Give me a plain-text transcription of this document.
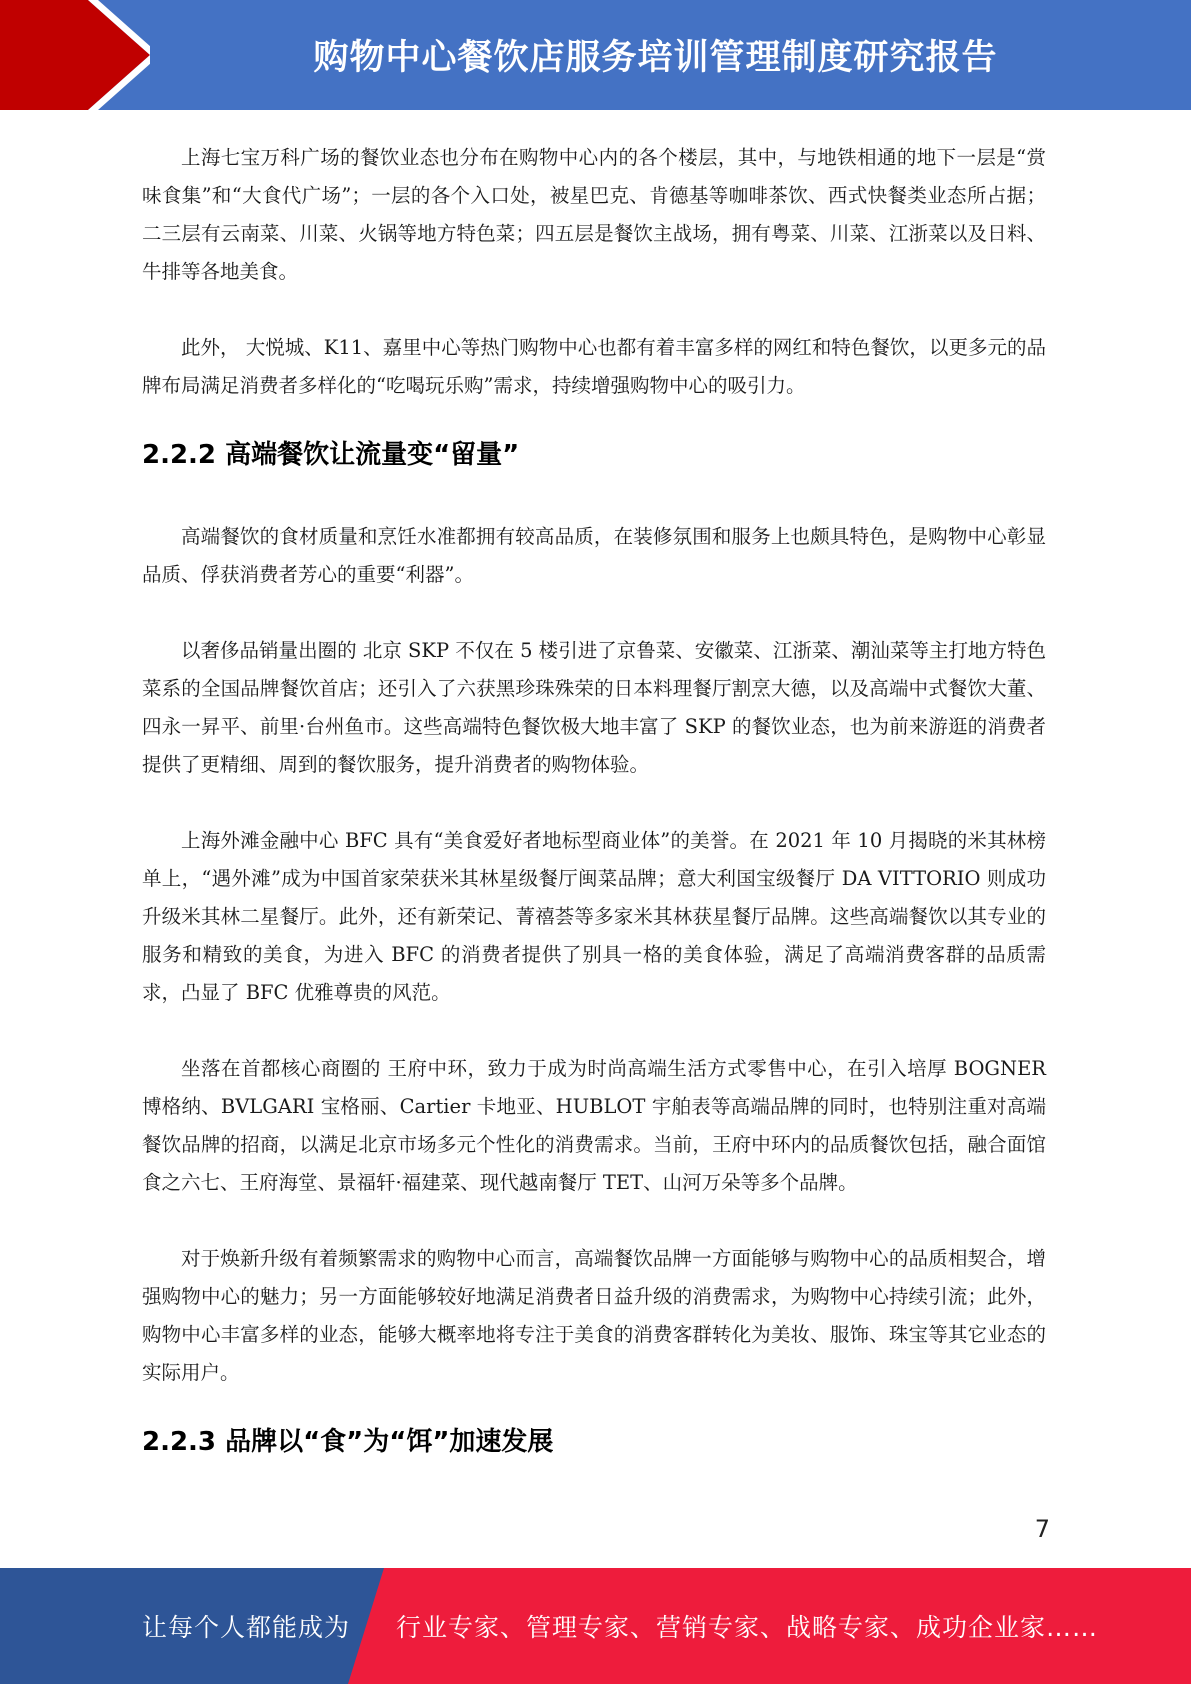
购物中心餐饮店服务培训管理制度研究报告

上海七宝万科广场的餐饮业态也分布在购物中心内的各个楼层，其中，与地铁相通的地下一层是“赏味食集”和“大食代广场”；一层的各个入口处，被星巴克、肯德基等咖啡茶饮、西式快餐类业态所占据；二三层有云南菜、川菜、火锅等地方特色菜；四五层是餐饮主战场，拥有粤菜、川菜、江浙菜以及日料、牛排等各地美食。

此外， 大悦城、K11、嘉里中心等热门购物中心也都有着丰富多样的网红和特色餐饮，以更多元的品牌布局满足消费者多样化的“吃喝玩乐购”需求，持续增强购物中心的吸引力。

2.2.2 高端餐饮让流量变“留量”

高端餐饮的食材质量和烹饪水准都拥有较高品质，在装修氛围和服务上也颇具特色，是购物中心彰显品质、俘获消费者芳心的重要“利器”。

以奢侈品销量出圈的 北京 SKP 不仅在 5 楼引进了京鲁菜、安徽菜、江浙菜、潮汕菜等主打地方特色菜系的全国品牌餐饮首店；还引入了六获黑珍珠殊荣的日本料理餐厅割烹大德，以及高端中式餐饮大董、四永一昇平、前里·台州鱼市。这些高端特色餐饮极大地丰富了 SKP 的餐饮业态，也为前来游逛的消费者提供了更精细、周到的餐饮服务，提升消费者的购物体验。

上海外滩金融中心 BFC 具有“美食爱好者地标型商业体”的美誉。在 2021 年 10 月揭晓的米其林榜单上，“遇外滩”成为中国首家荣获米其林星级餐厅闽菜品牌；意大利国宝级餐厅 DA VITTORIO 则成功升级米其林二星餐厅。此外，还有新荣记、菁禧荟等多家米其林获星餐厅品牌。这些高端餐饮以其专业的服务和精致的美食，为进入 BFC 的消费者提供了别具一格的美食体验，满足了高端消费客群的品质需求，凸显了 BFC 优雅尊贵的风范。

坐落在首都核心商圈的 王府中环，致力于成为时尚高端生活方式零售中心，在引入培厚 BOGNER 博格纳、BVLGARI 宝格丽、Cartier 卡地亚、HUBLOT 宇舶表等高端品牌的同时，也特别注重对高端餐饮品牌的招商，以满足北京市场多元个性化的消费需求。当前，王府中环内的品质餐饮包括，融合面馆食之六七、王府海堂、景福轩·福建菜、现代越南餐厅 TET、山河万朵等多个品牌。

对于焕新升级有着频繁需求的购物中心而言，高端餐饮品牌一方面能够与购物中心的品质相契合，增强购物中心的魅力；另一方面能够较好地满足消费者日益升级的消费需求，为购物中心持续引流；此外，购物中心丰富多样的业态，能够大概率地将专注于美食的消费客群转化为美妆、服饰、珠宝等其它业态的实际用户。

2.2.3 品牌以“食”为“饵”加速发展
7
让每个人都能成为 行业专家、管理专家、营销专家、战略专家、成功企业家……
